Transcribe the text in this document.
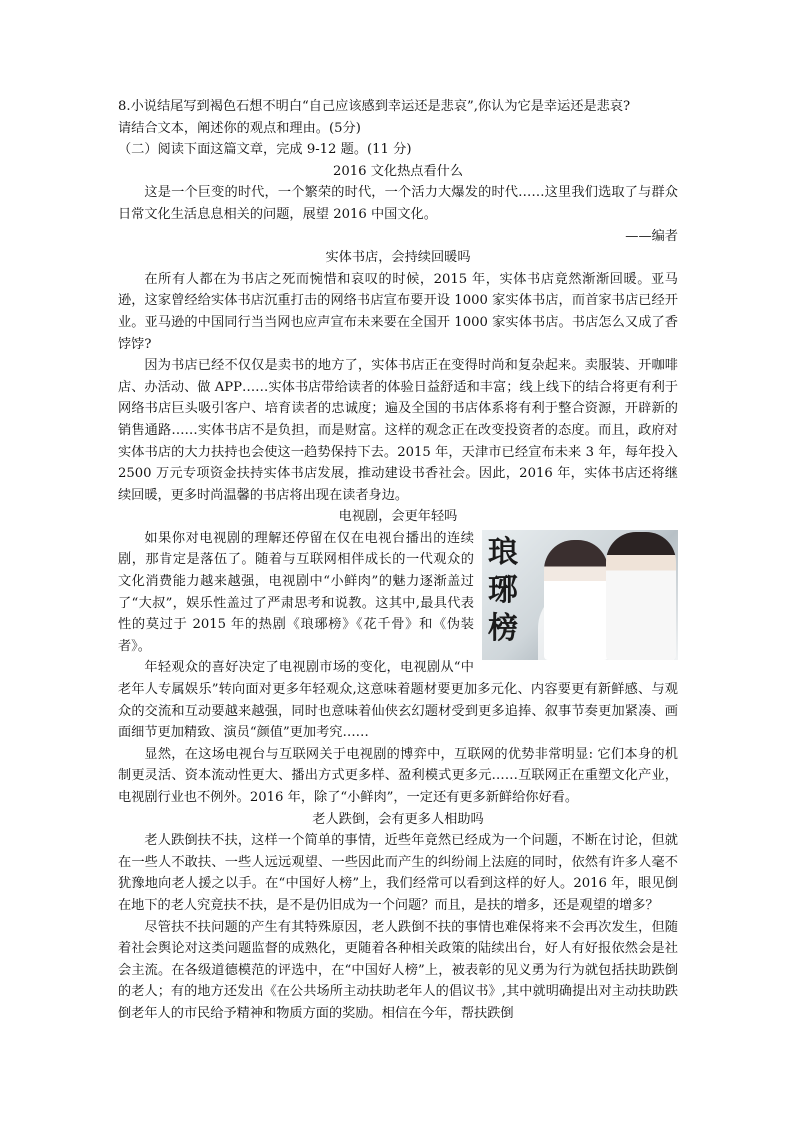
8.小说结尾写到褐色石想不明白“自己应该感到幸运还是悲哀”,你认为它是幸运还是悲哀?

请结合文本，阐述你的观点和理由。(5分)

（二）阅读下面这篇文章，完成 9-12 题。(11 分)

2016 文化热点看什么

这是一个巨变的时代，一个繁荣的时代，一个活力大爆发的时代……这里我们选取了与群众日常文化生活息息相关的问题，展望 2016 中国文化。

——编者

实体书店，会持续回暖吗

在所有人都在为书店之死而惋惜和哀叹的时候，2015 年，实体书店竟然渐渐回暖。亚马逊，这家曾经给实体书店沉重打击的网络书店宣布要开设 1000 家实体书店，而首家书店已经开业。亚马逊的中国同行当当网也应声宣布未来要在全国开 1000 家实体书店。书店怎么又成了香饽饽?

因为书店已经不仅仅是卖书的地方了，实体书店正在变得时尚和复杂起来。卖服装、开咖啡店、办活动、做 APP……实体书店带给读者的体验日益舒适和丰富；线上线下的结合将更有利于网络书店巨头吸引客户、培育读者的忠诚度；遍及全国的书店体系将有利于整合资源，开辟新的销售通路……实体书店不是负担，而是财富。这样的观念正在改变投资者的态度。而且，政府对实体书店的大力扶持也会使这一趋势保持下去。2015 年，天津市已经宣布未来 3 年，每年投入 2500 万元专项资金扶持实体书店发展，推动建设书香社会。因此，2016 年，实体书店还将继续回暖，更多时尚温馨的书店将出现在读者身边。

电视剧，会更年轻吗

琅
琊
榜

如果你对电视剧的理解还停留在仅在电视台播出的连续剧，那肯定是落伍了。随着与互联网相伴成长的一代观众的文化消费能力越来越强，电视剧中“小鲜肉”的魅力逐渐盖过了“大叔”，娱乐性盖过了严肃思考和说教。这其中,最具代表性的莫过于 2015 年的热剧《琅琊榜》《花千骨》和《伪装者》。

年轻观众的喜好决定了电视剧市场的变化，电视剧从“中老年人专属娱乐”转向面对更多年轻观众,这意味着题材要更加多元化、内容要更有新鲜感、与观众的交流和互动要越来越强，同时也意味着仙侠玄幻题材受到更多追捧、叙事节奏更加紧凑、画面细节更加精致、演员“颜值”更加考究……

显然，在这场电视台与互联网关于电视剧的博弈中，互联网的优势非常明显: 它们本身的机制更灵活、资本流动性更大、播出方式更多样、盈利模式更多元……互联网正在重塑文化产业，电视剧行业也不例外。2016 年，除了“小鲜肉”，一定还有更多新鲜给你好看。

老人跌倒，会有更多人相助吗

老人跌倒扶不扶，这样一个简单的事情，近些年竟然已经成为一个问题，不断在讨论，但就在一些人不敢扶、一些人远远观望、一些因此而产生的纠纷闹上法庭的同时，依然有许多人毫不犹豫地向老人援之以手。在“中国好人榜”上，我们经常可以看到这样的好人。2016 年，眼见倒在地下的老人究竟扶不扶，是不是仍旧成为一个问题？而且，是扶的增多，还是观望的增多？

尽管扶不扶问题的产生有其特殊原因，老人跌倒不扶的事情也难保将来不会再次发生，但随着社会舆论对这类问题监督的成熟化，更随着各种相关政策的陆续出台，好人有好报依然会是社会主流。在各级道德模范的评选中，在“中国好人榜”上，被表彰的见义勇为行为就包括扶助跌倒的老人；有的地方还发出《在公共场所主动扶助老年人的倡议书》,其中就明确提出对主动扶助跌倒老年人的市民给予精神和物质方面的奖励。相信在今年，帮扶跌倒
